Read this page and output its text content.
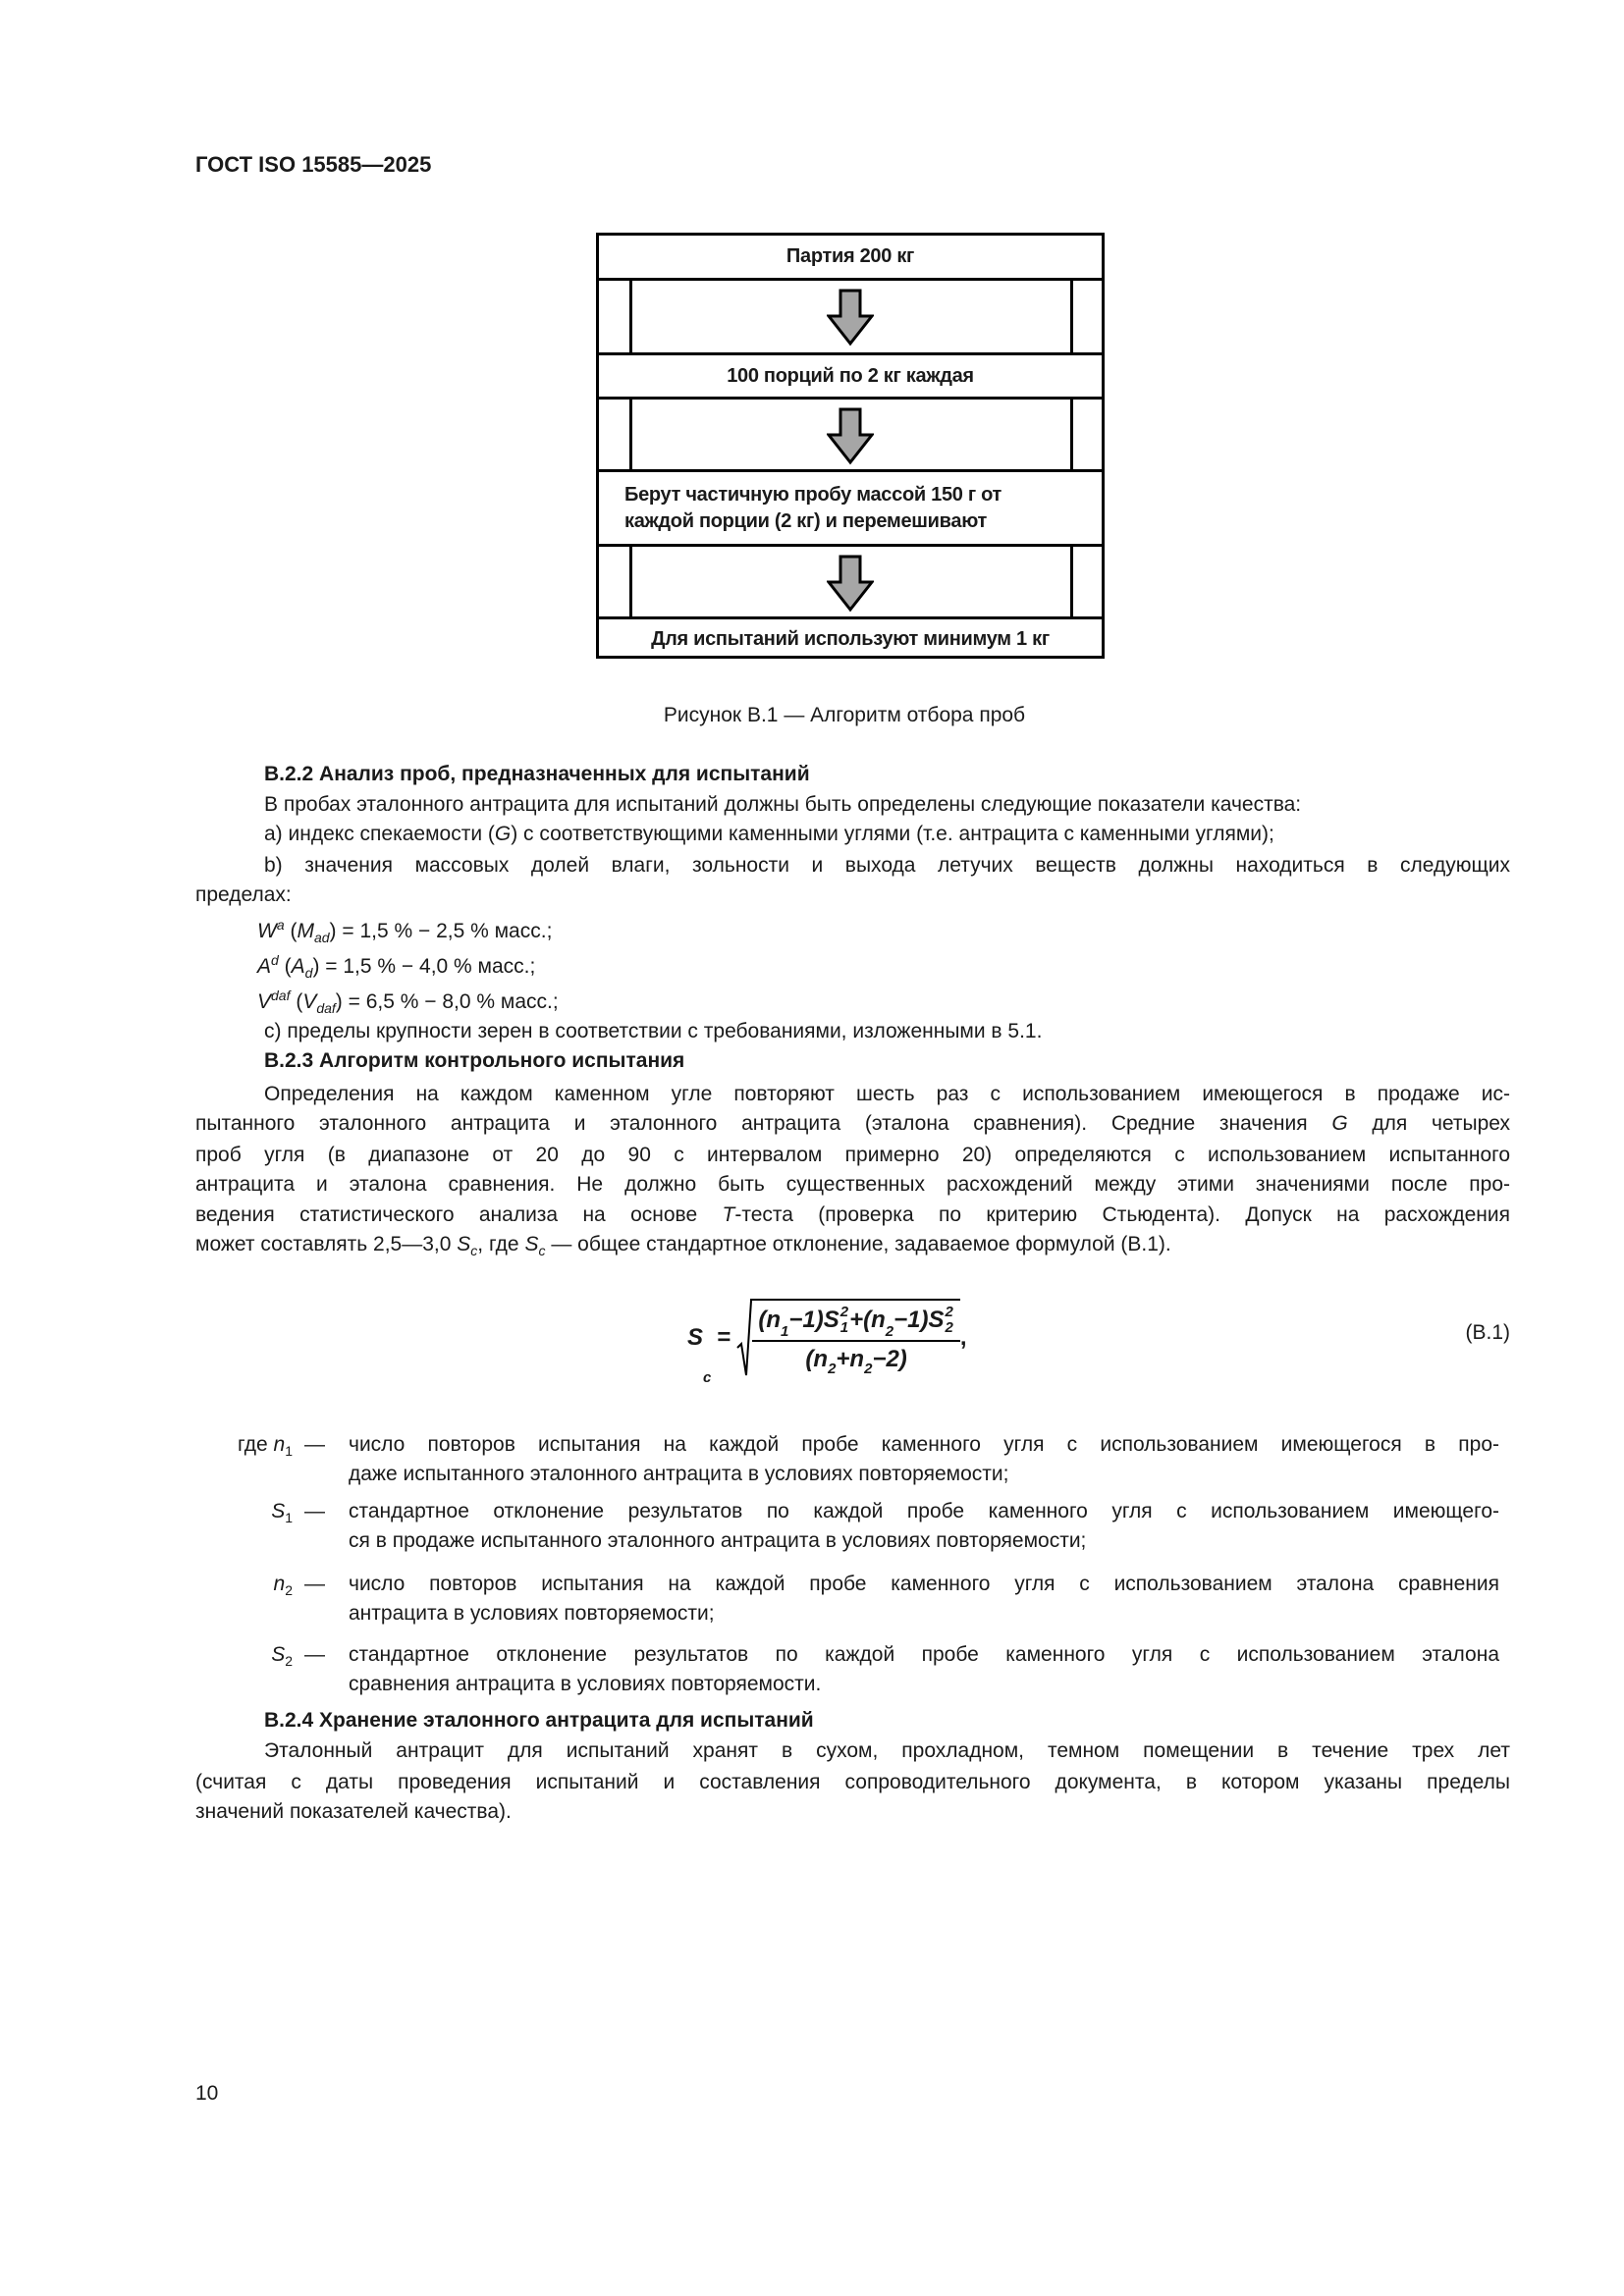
ГОСТ ISO 15585—2025
Партия 200 кг
100 порций по 2 кг каждая
Берут частичную пробу массой 150 г от каждой порции (2 кг) и перемешивают
Для испытаний используют минимум 1 кг
Рисунок В.1 — Алгоритм отбора проб
В.2.2 Анализ проб, предназначенных для испытаний
В пробах эталонного антрацита для испытаний должны быть определены следующие показатели качества:
а) индекс спекаемости (G) с соответствующими каменными углями (т.е. антрацита с каменными углями);
b) значения массовых долей влаги, зольности и выхода летучих веществ должны находиться в следующих
пределах:
$W^a$ $(M_{ad}) = 1,5$ % − 2,5 % масс.;
$A^d$ $(A_d) = 1,5$ % − 4,0 % масс.;
$V^{daf}$ $(V_{daf}) = 6,5$ % − 8,0 % масс.;
с) пределы крупности зерен в соответствии с требованиями, изложенными в 5.1.
В.2.3 Алгоритм контрольного испытания
Определения на каждом каменном угле повторяют шесть раз с использованием имеющегося в продаже ис-
пытанного эталонного антрацита и эталонного антрацита (эталона сравнения). Средние значения G для четырех
проб угля (в диапазоне от 20 до 90 с интервалом примерно 20) определяются с использованием испытанного
антрацита и эталона сравнения. Не должно быть существенных расхождений между этими значениями после про-
ведения статистического анализа на основе T-теста (проверка по критерию Стьюдента). Допуск на расхождения
может составлять 2,5—3,0 $S_c$, где $S_c$ — общее стандартное отклонение, задаваемое формулой (В.1).
S
c
= (n 1 −1)S 2
1 +(n 2 −1)S 2
2
(n 2 +n 2 −2) ,	(В.1)
где $n_1$ — число повторов испытания на каждой пробе каменного угля с использованием имеющегося в про-
даже испытанного эталонного антрацита в условиях повторяемости;
$S_1$ — стандартное отклонение результатов по каждой пробе каменного угля с использованием имеющего-
ся в продаже испытанного эталонного антрацита в условиях повторяемости;
$n_2$ — число повторов испытания на каждой пробе каменного угля с использованием эталона сравнения
антрацита в условиях повторяемости;
$S_2$ — стандартное отклонение результатов по каждой пробе каменного угля с использованием эталона
сравнения антрацита в условиях повторяемости.
В.2.4 Хранение эталонного антрацита для испытаний
Эталонный антрацит для испытаний хранят в сухом, прохладном, темном помещении в течение трех лет
(считая с даты проведения испытаний и составления сопроводительного документа, в котором указаны пределы
значений показателей качества).
10
